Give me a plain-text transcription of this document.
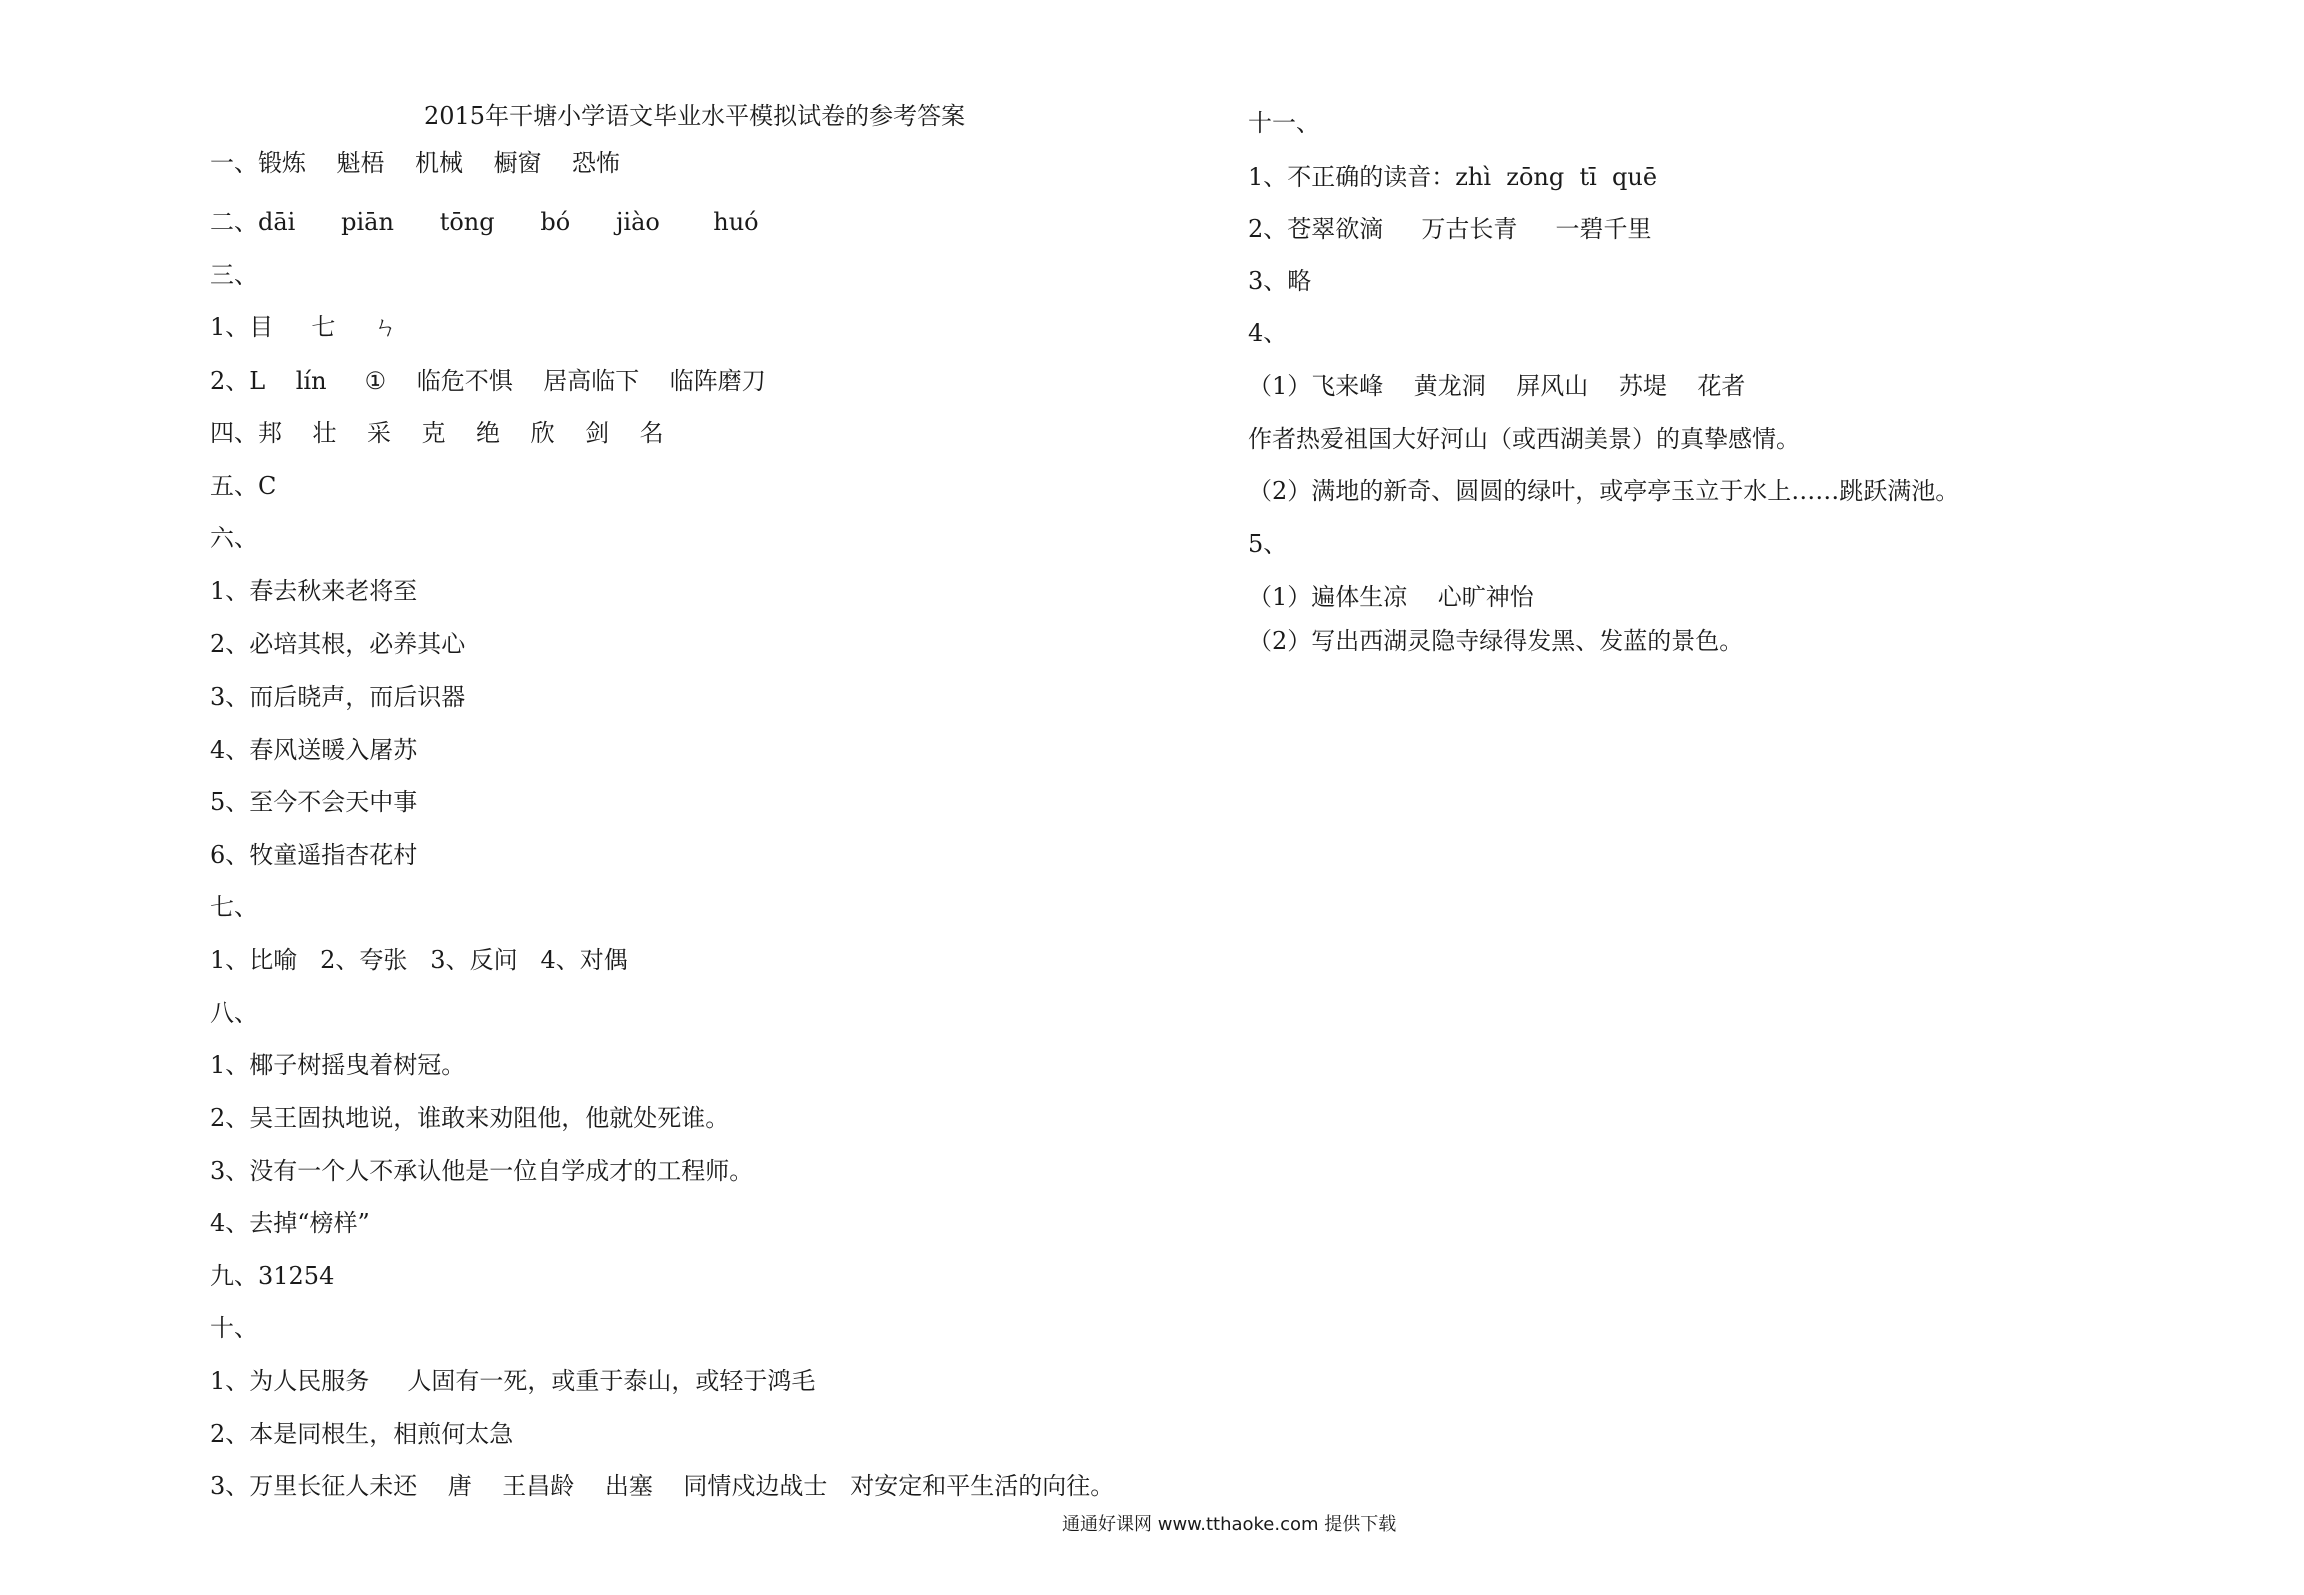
2015年干塘小学语文毕业水平模拟试卷的参考答案
一、锻炼    魁梧    机械    橱窗    恐怖
二、dāi      piān      tōng      bó      jiào       huó
三、
1、目     七     ㄣ
2、L    lín     ①    临危不惧    居高临下    临阵磨刀
四、邦    壮    采    克    绝    欣    剑    名
五、C
六、
1、春去秋来老将至
2、必培其根，必养其心
3、而后晓声，而后识器
4、春风送暖入屠苏
5、至今不会天中事
6、牧童遥指杏花村
七、
1、比喻   2、夸张   3、反问   4、对偶
八、
1、椰子树摇曳着树冠。
2、吴王固执地说，谁敢来劝阻他，他就处死谁。
3、没有一个人不承认他是一位自学成才的工程师。
4、去掉“榜样”
九、31254
十、
1、为人民服务     人固有一死，或重于泰山，或轻于鸿毛
2、本是同根生，相煎何太急
3、万里长征人未还    唐    王昌龄    出塞    同情戍边战士   对安定和平生活的向往。
十一、
1、不正确的读音：zhì  zōng  tī  quē
2、苍翠欲滴     万古长青     一碧千里
3、略
4、
（1）飞来峰    黄龙洞    屏风山    苏堤    花者
作者热爱祖国大好河山（或西湖美景）的真挚感情。
（2）满地的新奇、圆圆的绿叶，或亭亭玉立于水上……跳跃满池。
5、
（1）遍体生凉    心旷神怡
（2）写出西湖灵隐寺绿得发黑、发蓝的景色。
通通好课网 www.tthaoke.com 提供下载
